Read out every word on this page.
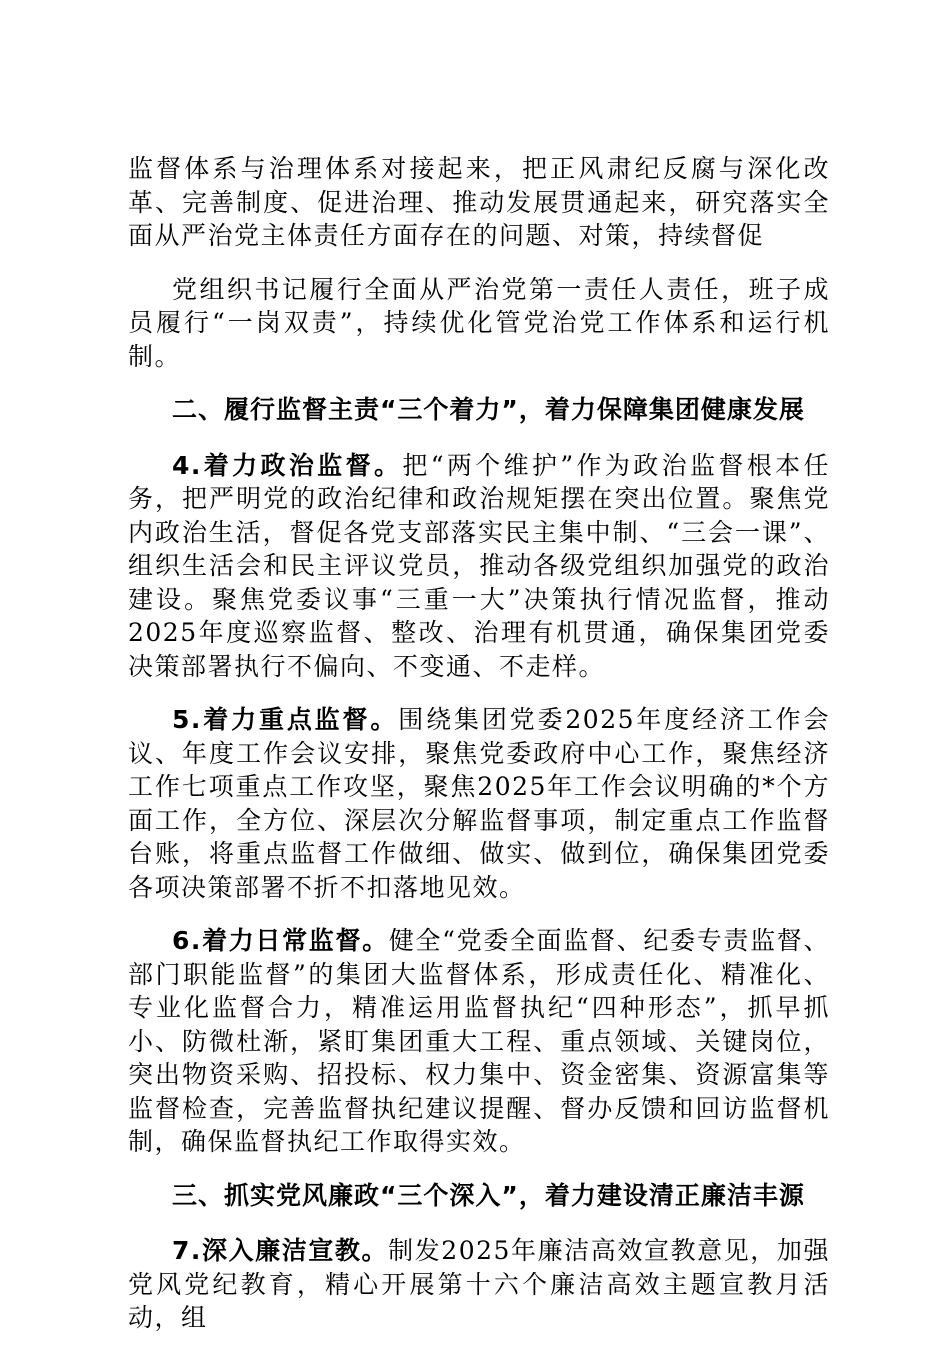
监督体系与治理体系对接起来，把正风肃纪反腐与深化改革、完善制度、促进治理、推动发展贯通起来，研究落实全面从严治党主体责任方面存在的问题、对策，持续督促

党组织书记履行全面从严治党第一责任人责任，班子成员履行“一岗双责”，持续优化管党治党工作体系和运行机制。

二、履行监督主责“三个着力”，着力保障集团健康发展

4.着力政治监督。把“两个维护”作为政治监督根本任务，把严明党的政治纪律和政治规矩摆在突出位置。聚焦党内政治生活，督促各党支部落实民主集中制、“三会一课”、组织生活会和民主评议党员，推动各级党组织加强党的政治建设。聚焦党委议事“三重一大”决策执行情况监督，推动2025年度巡察监督、整改、治理有机贯通，确保集团党委决策部署执行不偏向、不变通、不走样。

5.着力重点监督。围绕集团党委2025年度经济工作会议、年度工作会议安排，聚焦党委政府中心工作，聚焦经济工作七项重点工作攻坚，聚焦2025年工作会议明确的*个方面工作，全方位、深层次分解监督事项，制定重点工作监督台账，将重点监督工作做细、做实、做到位，确保集团党委各项决策部署不折不扣落地见效。

6.着力日常监督。健全“党委全面监督、纪委专责监督、部门职能监督”的集团大监督体系，形成责任化、精准化、专业化监督合力，精准运用监督执纪“四种形态”，抓早抓小、防微杜渐，紧盯集团重大工程、重点领域、关键岗位，突出物资采购、招投标、权力集中、资金密集、资源富集等监督检查，完善监督执纪建议提醒、督办反馈和回访监督机制，确保监督执纪工作取得实效。

三、抓实党风廉政“三个深入”，着力建设清正廉洁丰源

7.深入廉洁宣教。制发2025年廉洁高效宣教意见，加强党风党纪教育，精心开展第十六个廉洁高效主题宣教月活动，组
